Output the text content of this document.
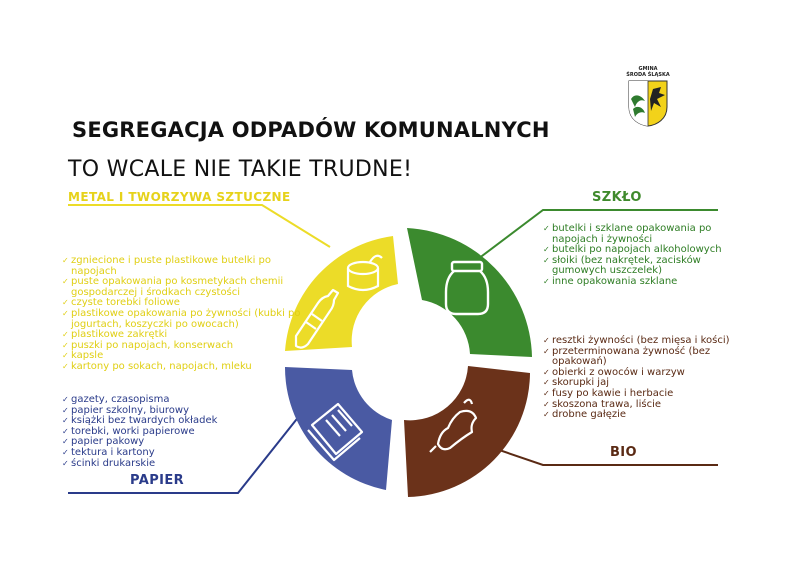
GMINA
ŚRODA ŚLĄSKA
SEGREGACJA ODPADÓW KOMUNALNYCH
TO WCALE NIE TAKIE TRUDNE!
METAL I TWORZYWA SZTUCZNE
✓ zgniecione i puste plastikowe butelki po napojach
✓ puste opakowania po kosmetykach chemii gospodarczej i środkach czystości
✓ czyste torebki foliowe
✓ plastikowe opakowania po żywności (kubki po jogurtach, koszyczki po owocach)
✓ plastikowe zakrętki
✓ puszki po napojach, konserwach
✓ kapsle
✓ kartony po sokach, napojach, mleku
✓ gazety, czasopisma
✓ papier szkolny, biurowy
✓ książki bez twardych okładek
✓ torebki, worki papierowe
✓ papier pakowy
✓ tektura i kartony
✓ ścinki drukarskie
PAPIER
SZKŁO
✓ butelki i szklane opakowania po napojach i żywności
✓ butelki po napojach alkoholowych
✓ słoiki (bez nakrętek, zacisków gumowych uszczelek)
✓ inne opakowania szklane
✓ resztki żywności (bez mięsa i kości)
✓ przeterminowana żywność (bez opakowań)
✓ obierki z owoców i warzyw
✓ skorupki jaj
✓ fusy po kawie i herbacie
✓ skoszona trawa, liście
✓ drobne gałęzie
BIO
